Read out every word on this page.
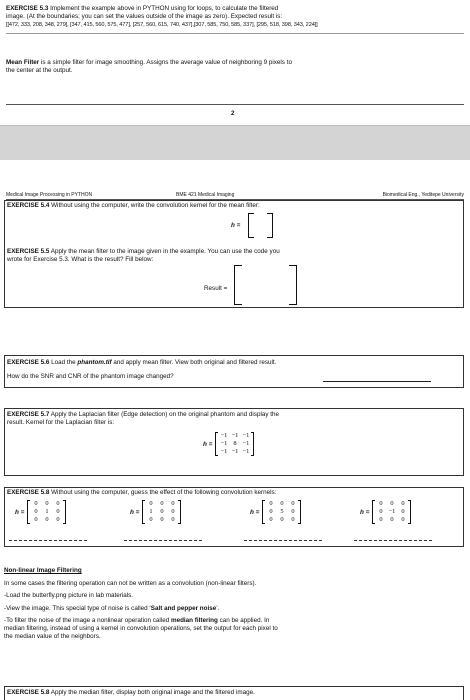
EXERCISE 5.3 Implement the example above in PYTHON using for loops, to calculate the filtered
image. (At the boundaries; you can set the values outside of the image as zero). Expected result is:
[[472, 333, 208, 348, 279], [347, 415, 560, 575, 477], [257, 560, 615, 740, 437],[307, 585, 750, 585, 337], [295, 518, 398, 343, 224]]
Mean Filter is a simple filter for image smoothing. Assigns the average value of neighboring 9 pixels to
the center at the output.
2
Medical Image Processing in PYTHON	BME 421 Medical Imaging	Biomedical Eng., Yeditepe University
EXERCISE 5.4 Without using the computer, write the convolution kernel for the mean filter:
h =
EXERCISE 5.5 Apply the mean filter to the image given in the example. You can use the code you
wrote for Exercise 5.3. What is the result? Fill below:
Result =
EXERCISE 5.6 Load the phantom.tif and apply mean filter. View both original and filtered result.
How do the SNR and CNR of the phantom image changed?
EXERCISE 5.7 Apply the Laplacian filter (Edge detection) on the original phantom and display the
result. Kernel for the Laplacian filter is:
h =
−1 −1 −1
−1 8 −1
−1 −1 −1
EXERCISE 5.8 Without using the computer, guess the effect of the following convolution kernels:
h =
0	0	0
0	1	0
0	0	0
h =
0	0	0
1	0	0
0	0	0
h =
0	0	0
0	5	0
0	0	0
h =
0	0	0
0 −1 0
0	0	0
Non-linear Image Filtering
In some cases the filtering operation can not be written as a convolution (non-linear filters).
-Load the butterfly.png picture in lab materials.
-View the image. This special type of noise is called ‘Salt and pepper noise’.
-To filter the noise of the image a nonlinear operation called median filtering can be applied. In
median filtering, instead of using a kernel in convolution operations, set the output for each pixel to
the median value of the neighbors.
EXERCISE 5.8 Apply the median filter, display both original image and the filtered image.
